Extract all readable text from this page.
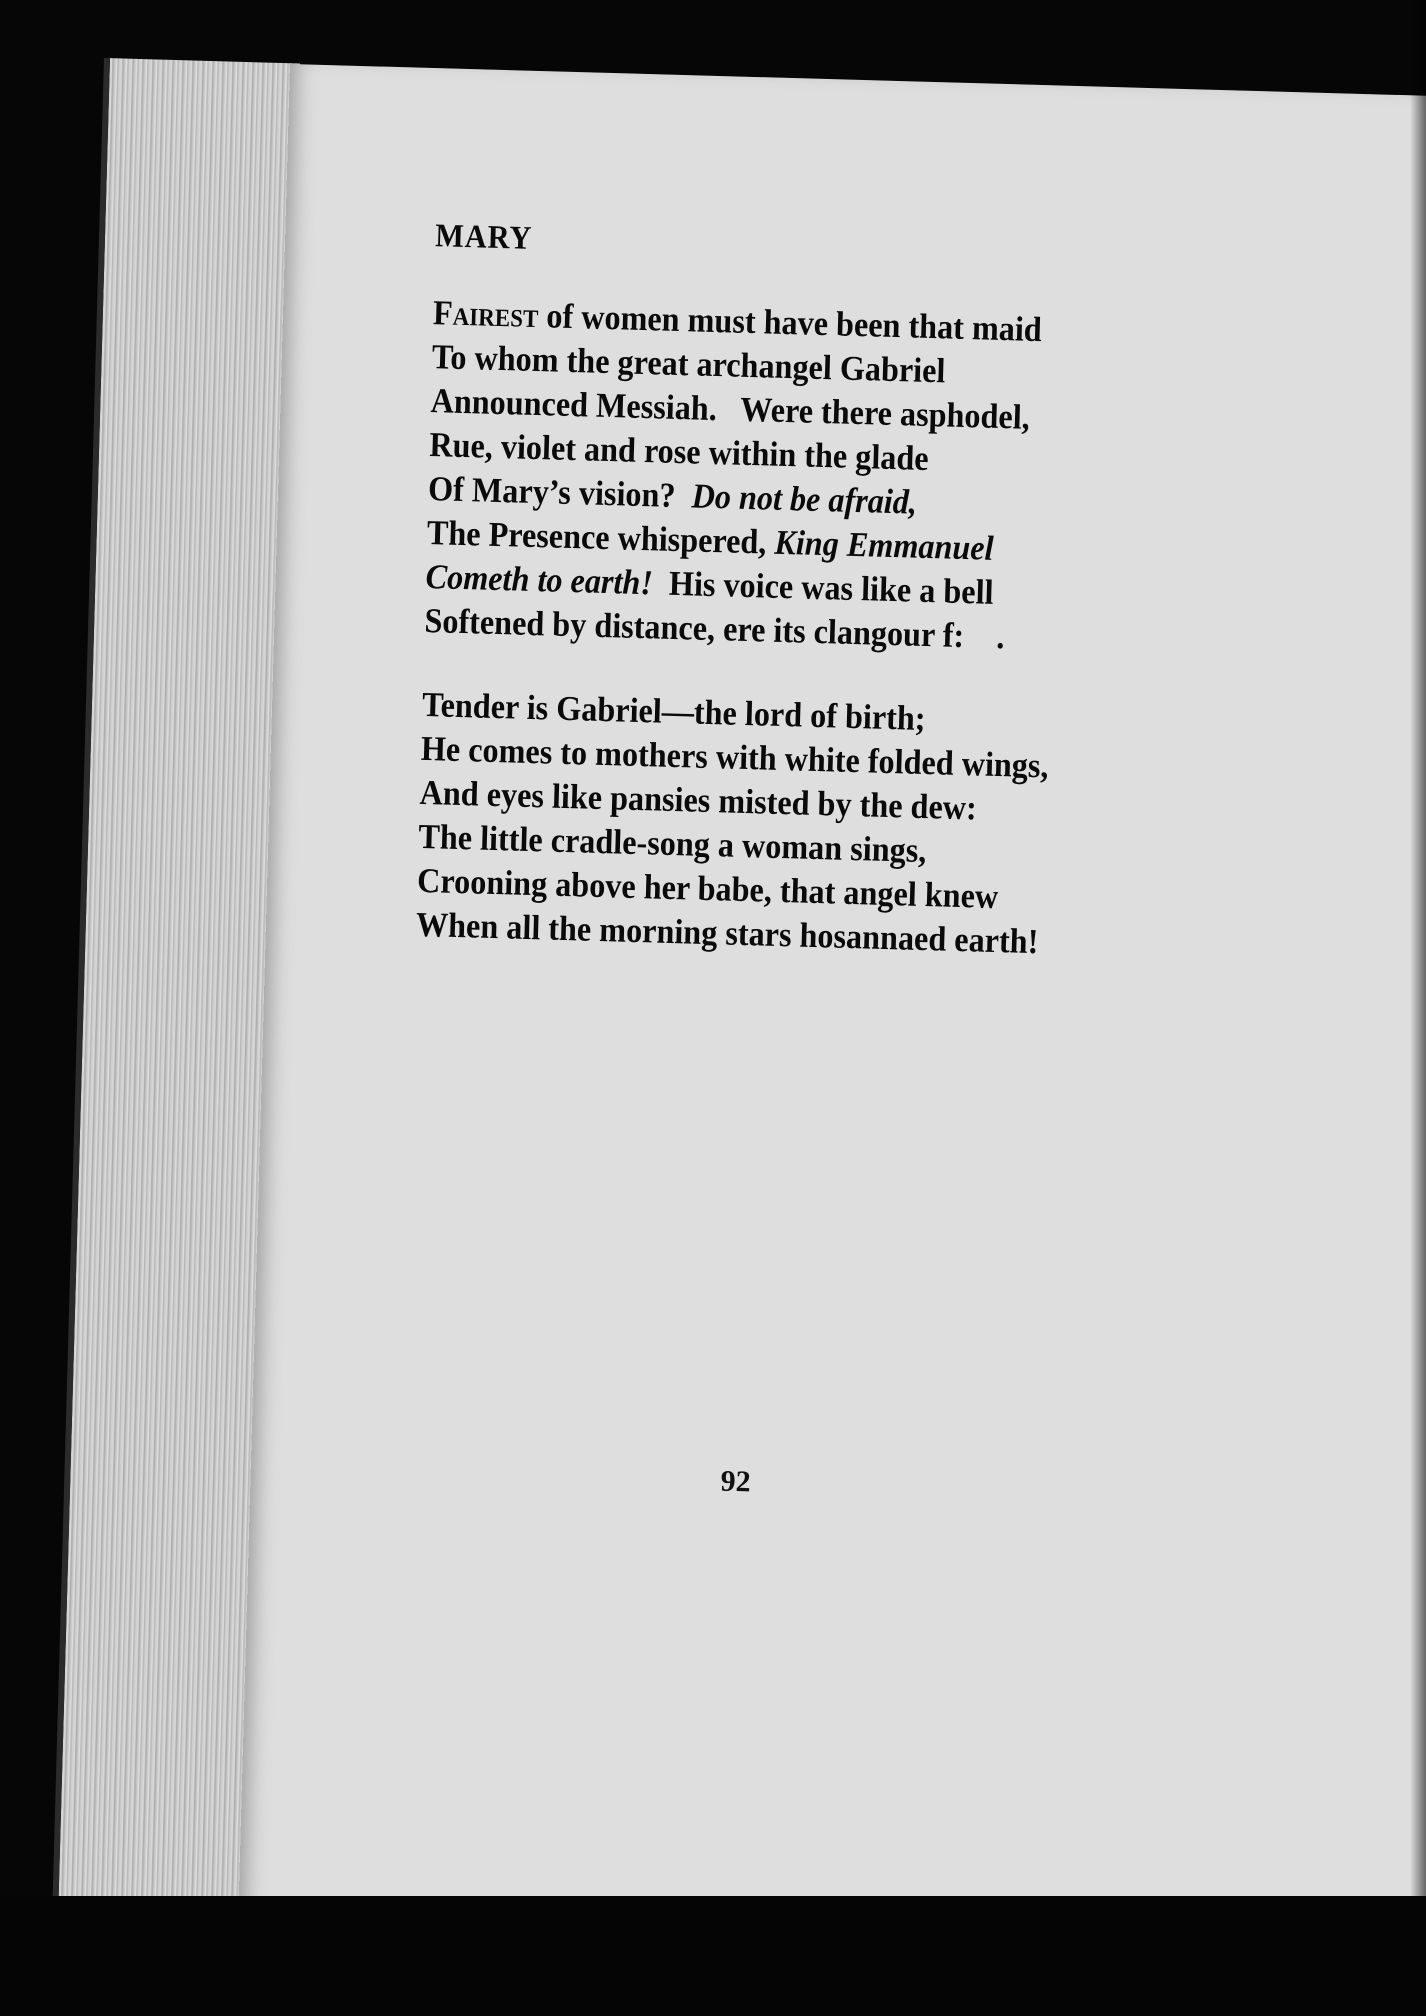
MARY
Fairest of women must have been that maid
To whom the great archangel Gabriel
Announced Messiah.   Were there asphodel,
Rue, violet and rose within the glade
Of Mary’s vision?  Do not be afraid,
The Presence whispered, King Emmanuel
Cometh to earth!  His voice was like a bell
Softened by distance, ere its clangour f:    .
Tender is Gabriel—the lord of birth;
He comes to mothers with white folded wings,
And eyes like pansies misted by the dew:
The little cradle-song a woman sings,
Crooning above her babe, that angel knew
When all the morning stars hosannaed earth!
92
